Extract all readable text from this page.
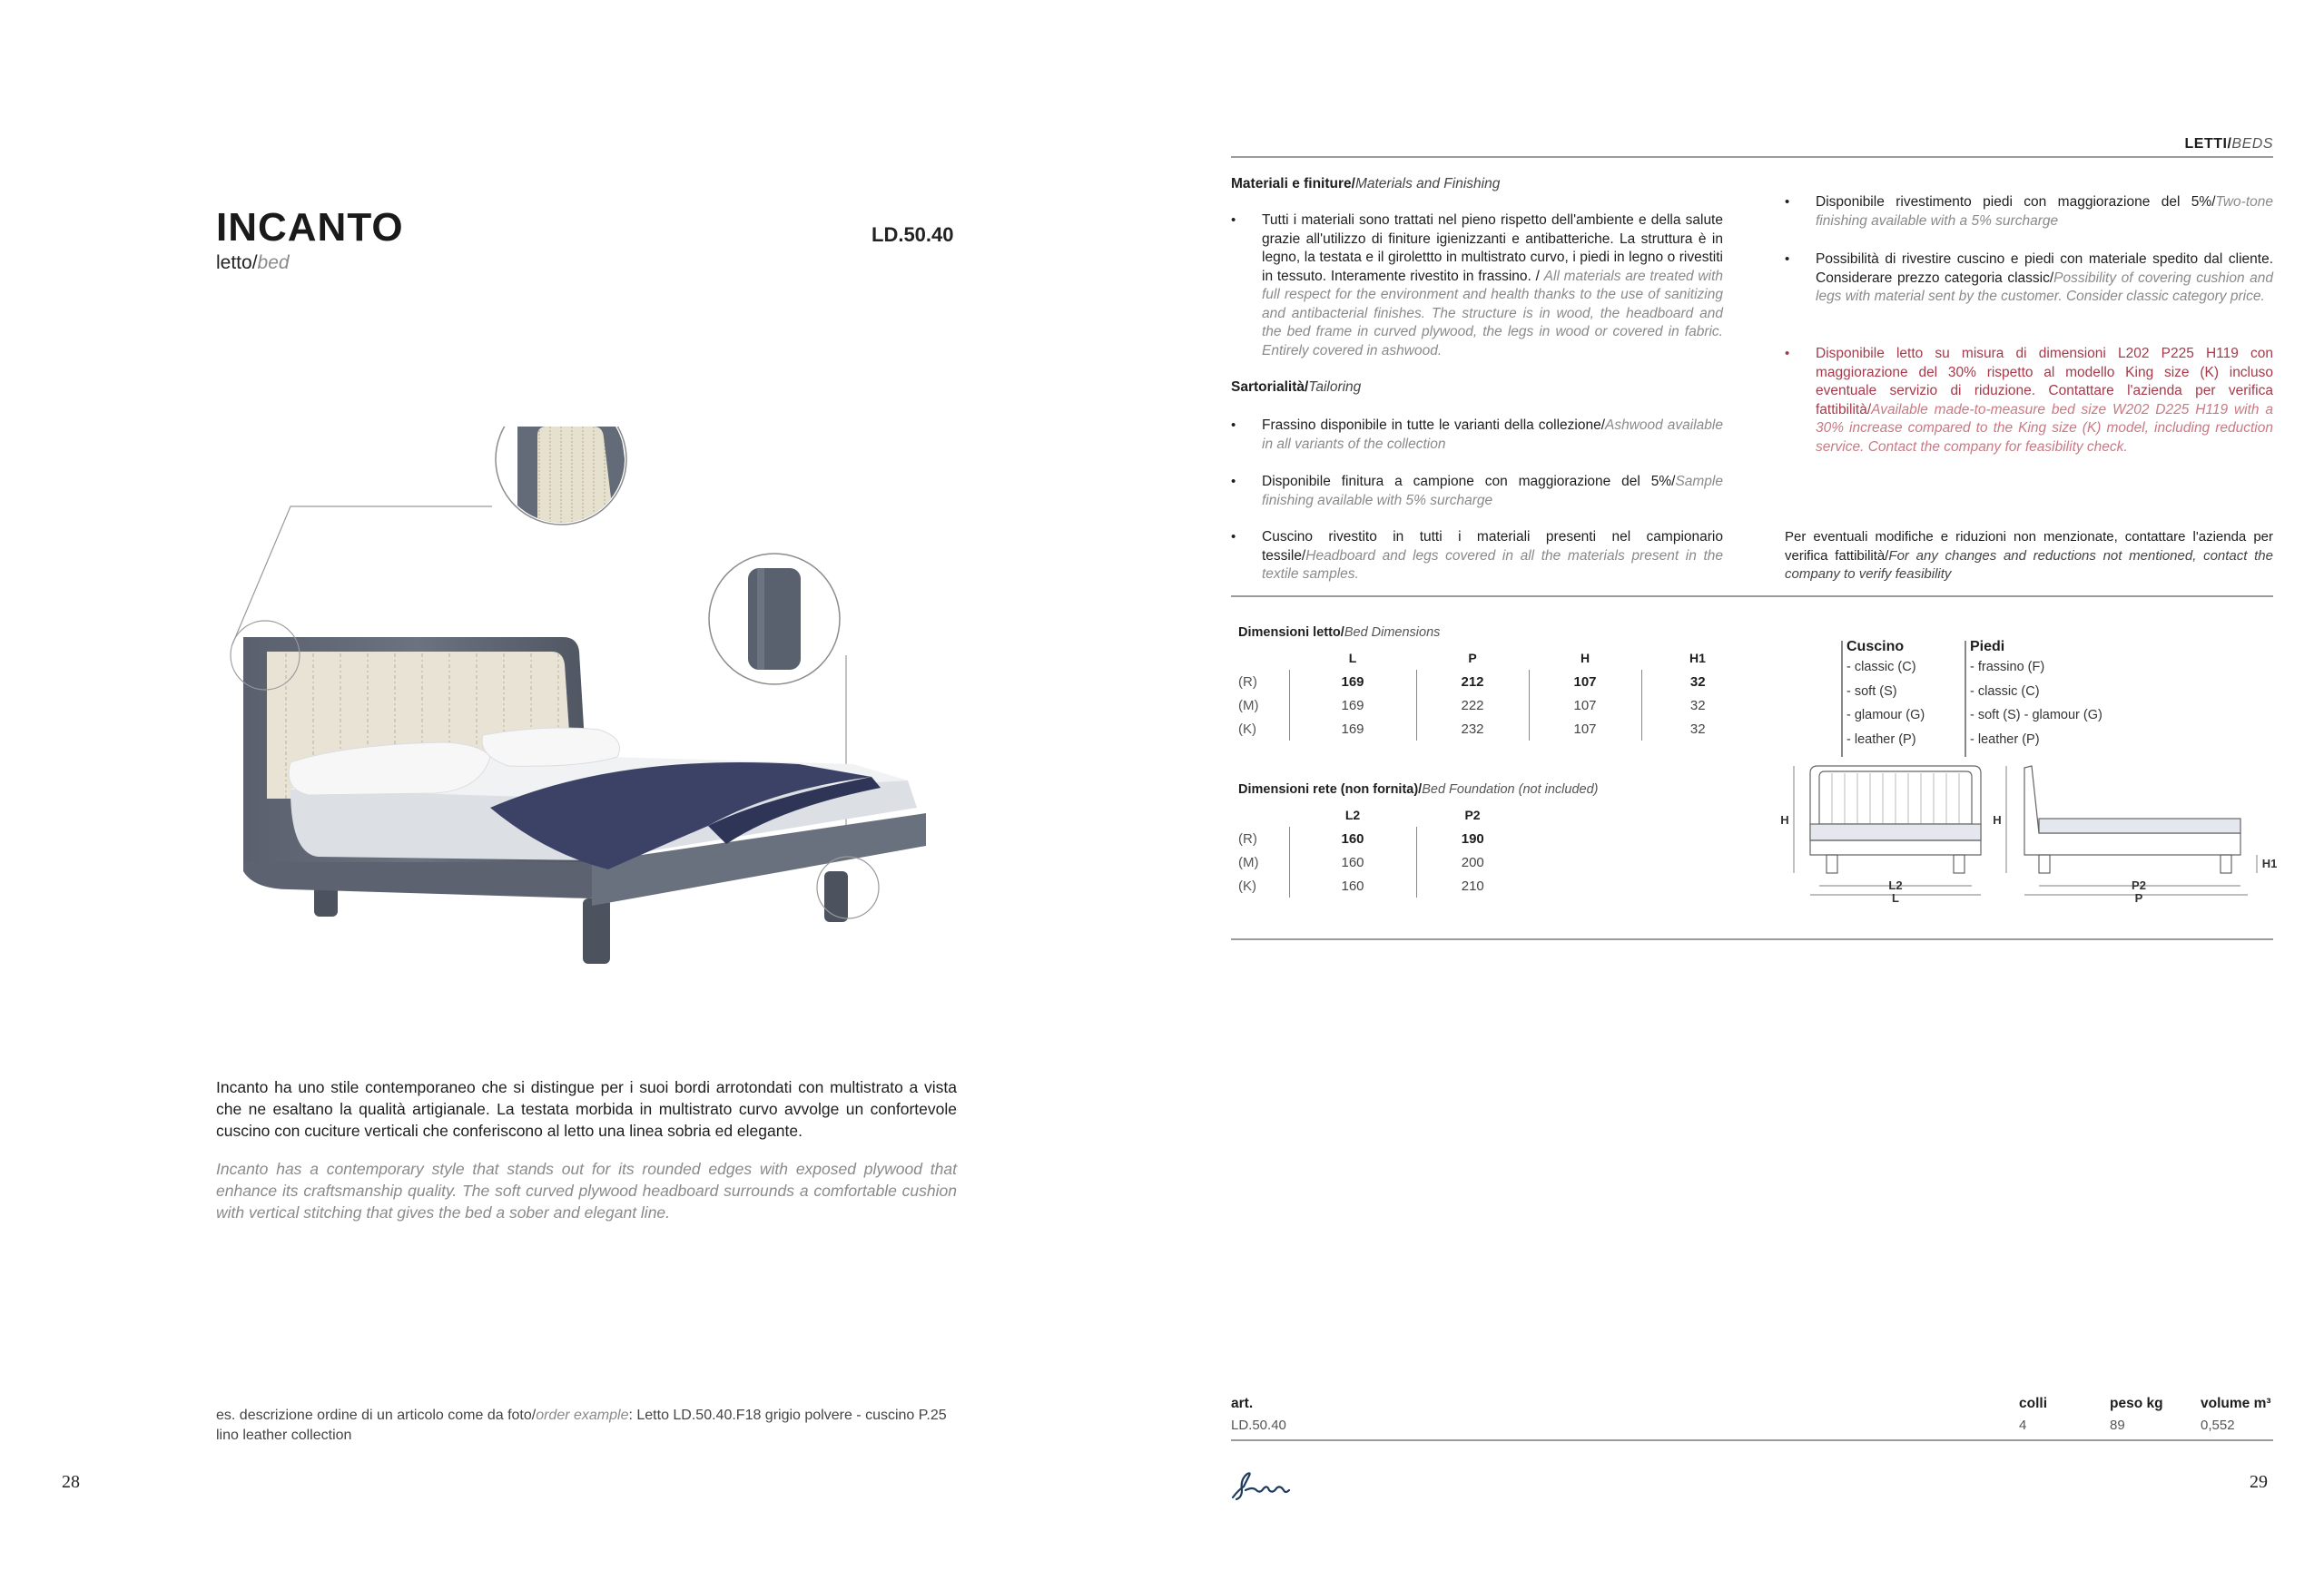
INCANTO
letto/bed
LD.50.40
Incanto ha uno stile contemporaneo che si distingue per i suoi bordi arrotondati con multistrato a vista che ne esaltano la qualità artigianale. La testata morbida in multistrato curvo avvolge un confortevole cuscino con cuciture verticali che conferiscono al letto una linea sobria ed elegante.
Incanto has a contemporary style that stands out for its rounded edges with exposed plywood that enhance its craftsmanship quality. The soft curved plywood headboard surrounds a comfortable cushion with vertical stitching that gives the bed a sober and elegant line.
es. descrizione ordine di un articolo come da foto/order example: Letto LD.50.40.F18 grigio polvere - cuscino P.25 lino leather collection
28
LETTI/BEDS
Materiali e finiture/Materials and Finishing
• Tutti i materiali sono trattati nel pieno rispetto dell'ambiente e della salute grazie all'utilizzo di finiture igienizzanti e antibatteriche. La struttura è in legno, la testata e il girolettto in multistrato curvo, i piedi in legno o rivestiti in tessuto. Interamente rivestito in frassino. / All materials are treated with full respect for the environment and health thanks to the use of sanitizing and antibacterial finishes. The structure is in wood, the headboard and the bed frame in curved plywood, the legs in wood or covered in fabric. Entirely covered in ashwood.
Sartorialità/Tailoring
• Frassino disponibile in tutte le varianti della collezione/Ashwood available in all variants of the collection
• Disponibile finitura a campione con maggiorazione del 5%/Sample finishing available with 5% surcharge
• Cuscino rivestito in tutti i materiali presenti nel campionario tessile/Headboard and legs covered in all the materials present in the textile samples.
• Disponibile rivestimento piedi con maggiorazione del 5%/Two-tone finishing available with a 5% surcharge
• Possibilità di rivestire cuscino e piedi con materiale spedito dal cliente. Considerare prezzo categoria classic/Possibility of covering cushion and legs with material sent by the customer. Consider classic category price.
• Disponibile letto su misura di dimensioni L202 P225 H119 con maggiorazione del 30% rispetto al modello King size (K) incluso eventuale servizio di riduzione. Contattare l'azienda per verifica fattibilità/Available made-to-measure bed size W202 D225 H119 with a 30% increase compared to the King size (K) model, including reduction service. Contact the company for feasibility check.
Per eventuali modifiche e riduzioni non menzionate, contattare l'azienda per verifica fattibilità/For any changes and reductions not mentioned, contact the company to verify feasibility
Dimensioni letto/Bed Dimensions
	L	P	H	H1
(R)	169	212	107	32
(M)	169	222	107	32
(K)	169	232	107	32
Dimensioni rete (non fornita)/Bed Foundation (not included)
	L2	P2
(R)	160	190
(M)	160	200
(K)	160	210
Cuscino
- classic (C)
- soft (S)
- glamour (G)
- leather (P)
Piedi
- frassino (F)
- classic (C)
- soft (S) - glamour (G)
- leather (P)
H
L2
L
H
H1
P2
P
art.	colli	peso kg	volume m³
LD.50.40	4	89	0,552
29
